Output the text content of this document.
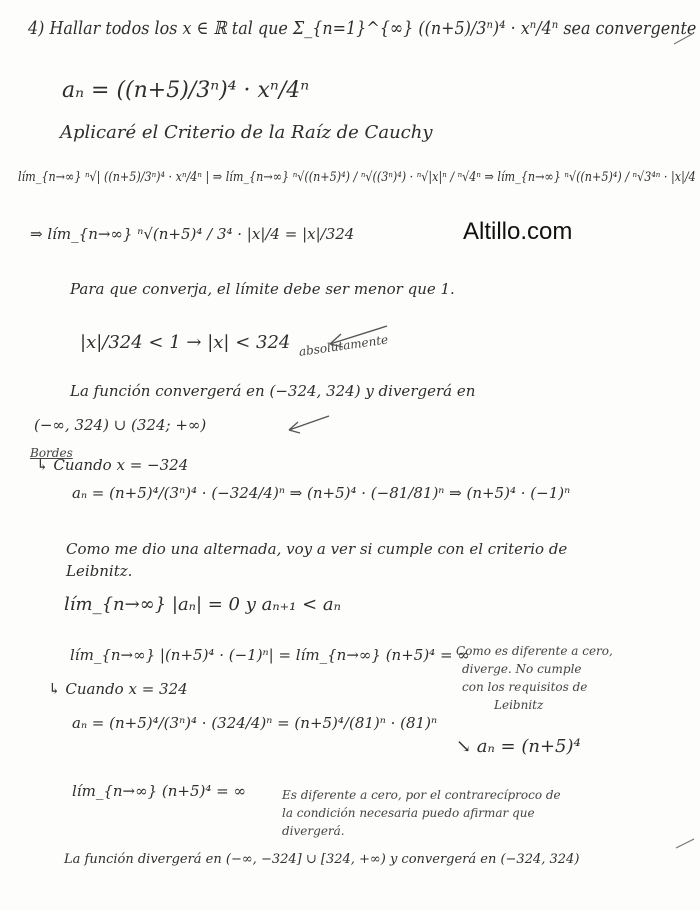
4) Hallar todos los x ∈ ℝ tal que Σ_{n=1}^{∞} ((n+5)/3ⁿ)⁴ · xⁿ/4ⁿ sea convergente
aₙ = ((n+5)/3ⁿ)⁴ · xⁿ/4ⁿ
Aplicaré el Criterio de la Raíz de Cauchy
lím_{n→∞} ⁿ√| ((n+5)/3ⁿ)⁴ · xⁿ/4ⁿ | ⇒ lím_{n→∞} ⁿ√((n+5)⁴) / ⁿ√((3ⁿ)⁴) · ⁿ√|x|ⁿ / ⁿ√4ⁿ ⇒ lím_{n→∞} ⁿ√((n+5)⁴) / ⁿ√3⁴ⁿ · |x|/4
⇒ lím_{n→∞} ⁿ√(n+5)⁴ / 3⁴ · |x|/4 = |x|/324	Altillo.com
Para que converja, el límite debe ser menor que 1.
|x|/324 < 1 → |x| < 324 absolutamente
La función convergerá en (−324, 324) y divergerá en
(−∞, 324) ∪ (324; +∞)
Bordes
↳ Cuando x = −324
aₙ = (n+5)⁴/(3ⁿ)⁴ · (−324/4)ⁿ ⇒ (n+5)⁴ · (−81/81)ⁿ ⇒ (n+5)⁴ · (−1)ⁿ
Como me dio una alternada, voy a ver si cumple con el criterio de
Leibnitz.
lím_{n→∞} |aₙ| = 0 y aₙ₊₁ < aₙ
lím_{n→∞} |(n+5)⁴ · (−1)ⁿ| = lím_{n→∞} (n+5)⁴ = ∞
Como es diferente a cero,
diverge. No cumple
con los requisitos de
Leibnitz
↳ Cuando x = 324
aₙ = (n+5)⁴/(3ⁿ)⁴ · (324/4)ⁿ = (n+5)⁴/(81)ⁿ · (81)ⁿ
↘ aₙ = (n+5)⁴
lím_{n→∞} (n+5)⁴ = ∞	Es diferente a cero, por el contrarecíproco de
la condición necesaria puedo afirmar que
divergerá.
La función divergerá en (−∞, −324] ∪ [324, +∞) y convergerá en (−324, 324)
